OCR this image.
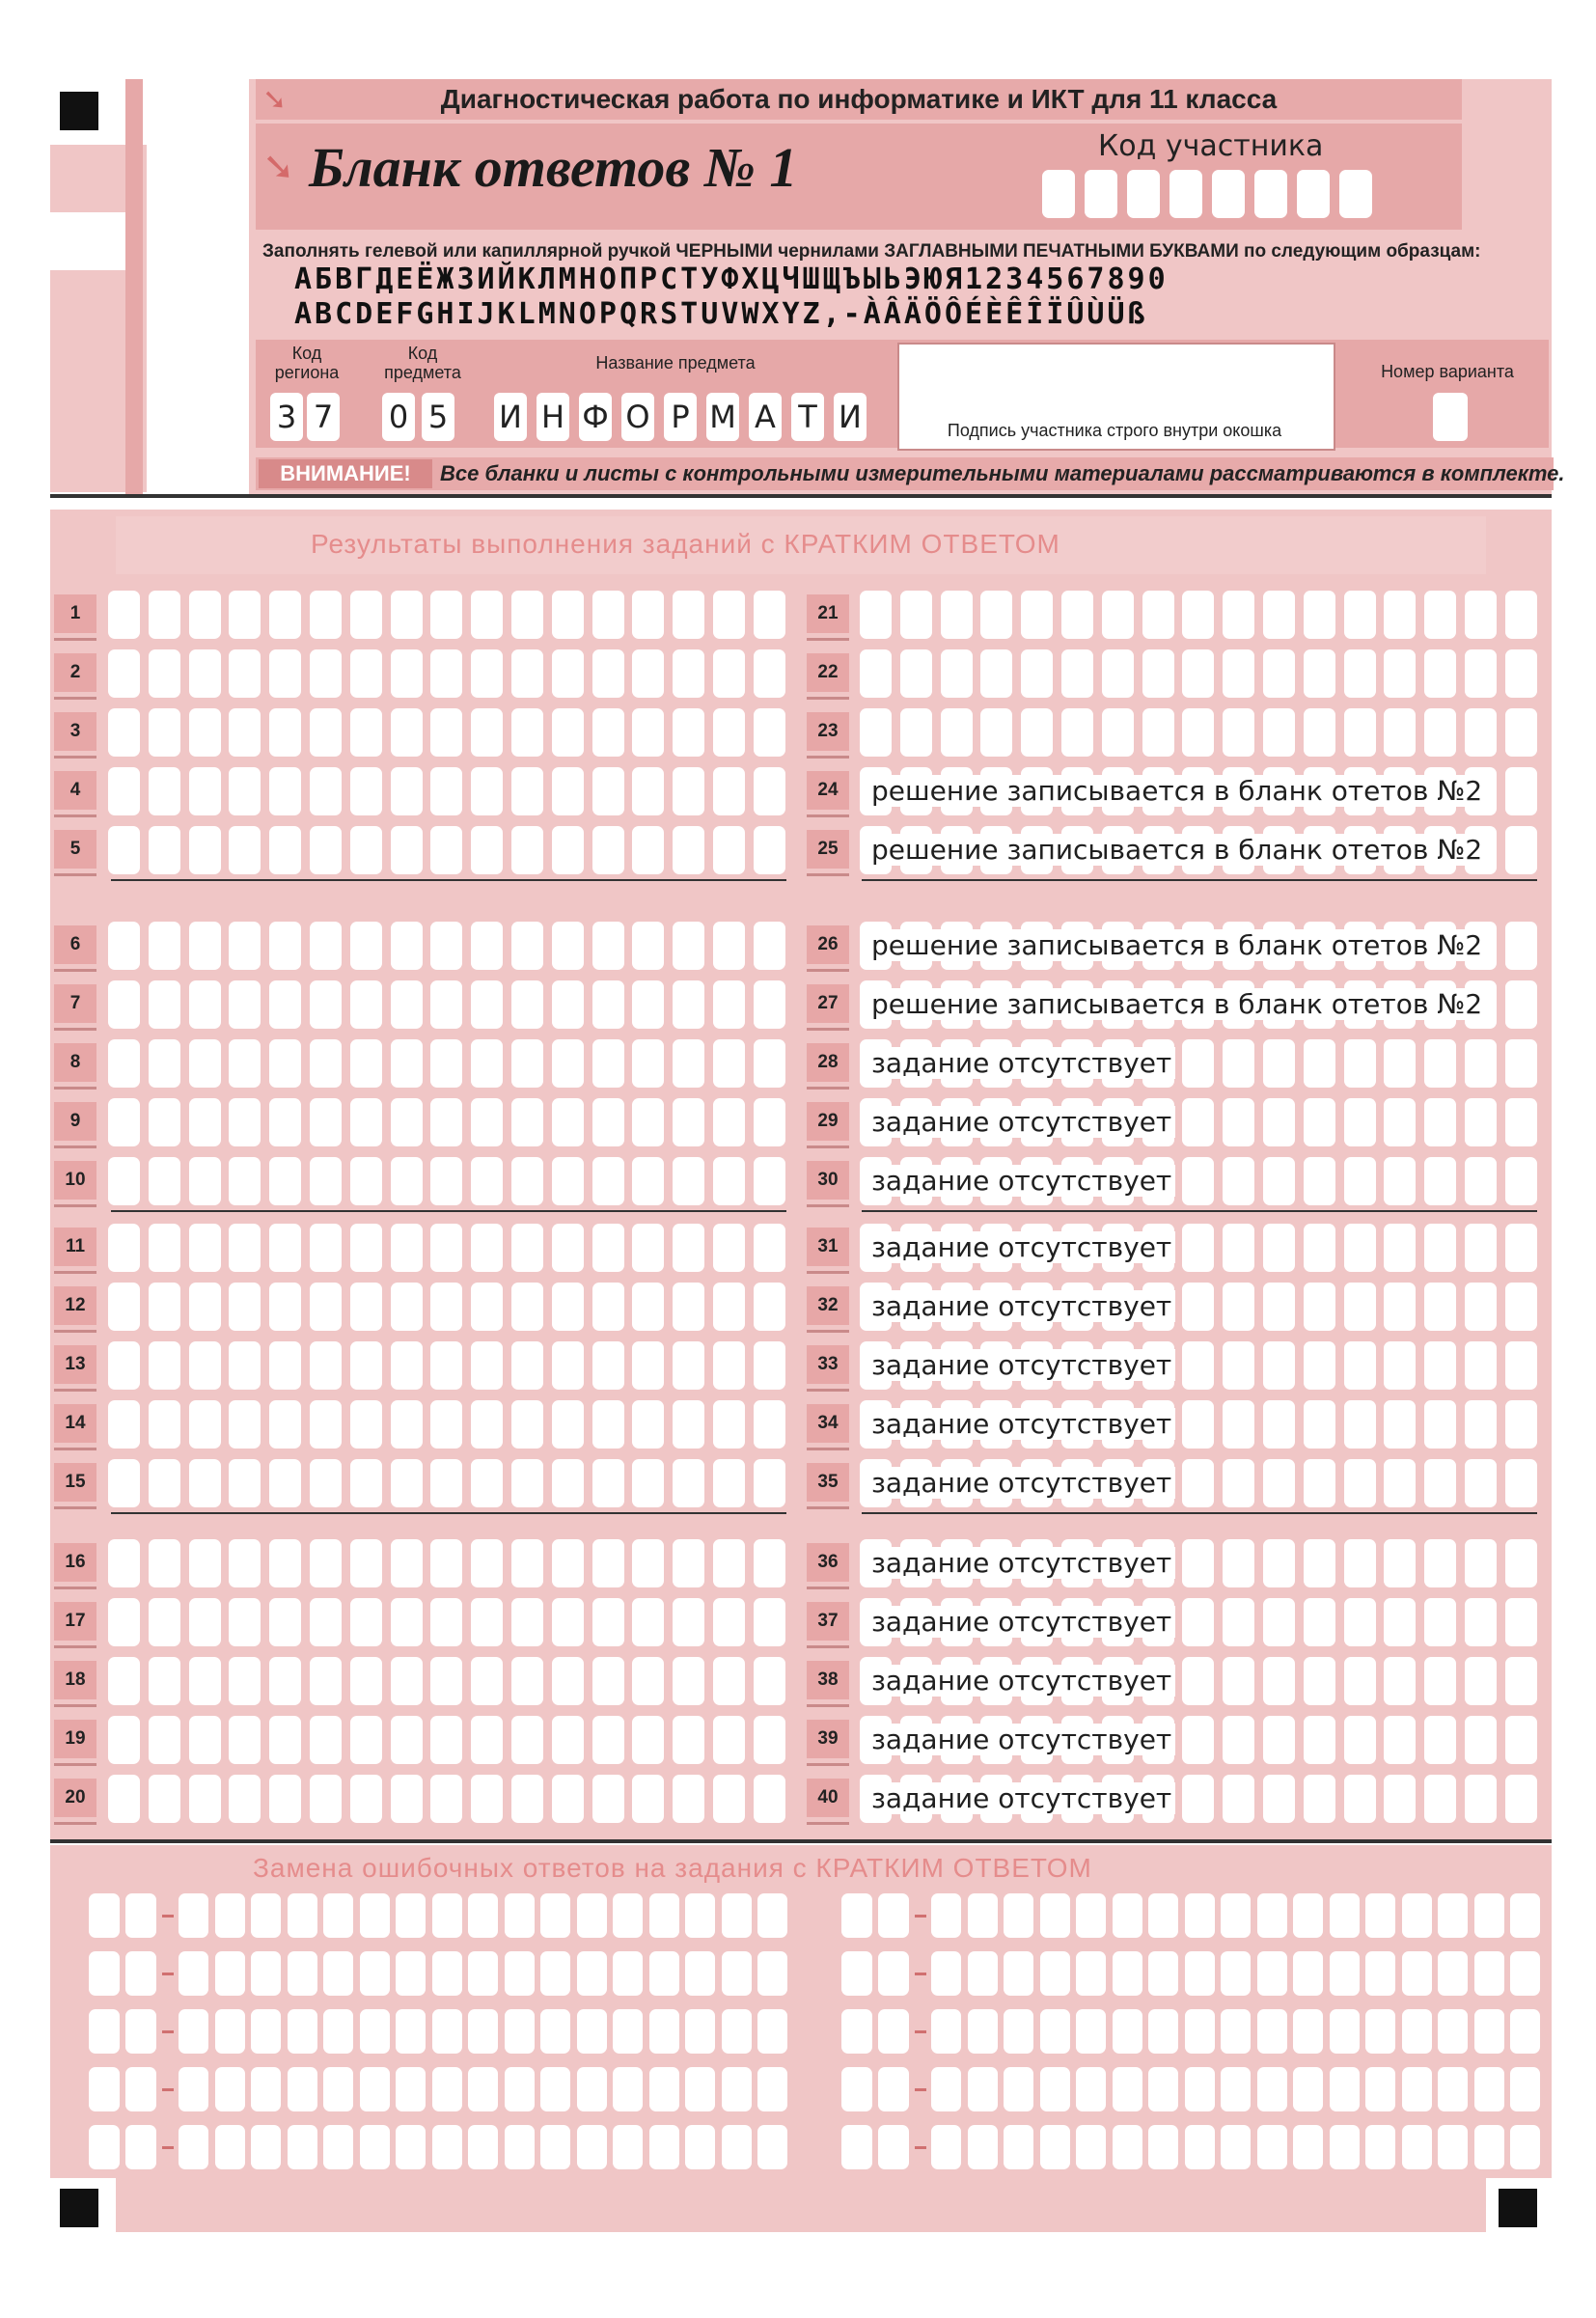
Диагностическая работа по информатике и ИКТ для 11 класса
➘
➘ Бланк ответов № 1	Код участника
Заполнять гелевой или капиллярной ручкой ЧЕРНЫМИ чернилами ЗАГЛАВНЫМИ ПЕЧАТНЫМИ БУКВАМИ по следующим образцам:
АБВГДЕЁЖЗИЙКЛМНОПРСТУФХЦЧШЩЪЫЬЭЮЯ1234567890
ABCDEFGHIJKLMNOPQRSTUVWXYZ,-ÀÂÄÖÔÉÈÊÎÏÛÙÜß
Код региона
Код предмета	Название предмета
3 7 0 5 И Н Ф О Р М А Т И	Подпись участника строго внутри окошка
Номер варианта
ВНИМАНИЕ!	Все бланки и листы с контрольными измерительными материалами рассматриваются в комплекте.
Результаты выполнения заданий с КРАТКИМ ОТВЕТОМ
1
2
3
4
5
6
7
8
9
10
11
12
13
14
15
16
17
18
19
20
21
22
23
24	решение записывается в бланк отетов №2
25	решение записывается в бланк отетов №2
26	решение записывается в бланк отетов №2
27	решение записывается в бланк отетов №2
28	задание отсутствует
29	задание отсутствует
30	задание отсутствует
31	задание отсутствует
32	задание отсутствует
33	задание отсутствует
34	задание отсутствует
35	задание отсутствует
36	задание отсутствует
37	задание отсутствует
38	задание отсутствует
39	задание отсутствует
40	задание отсутствует
Замена ошибочных ответов на задания с КРАТКИМ ОТВЕТОМ
